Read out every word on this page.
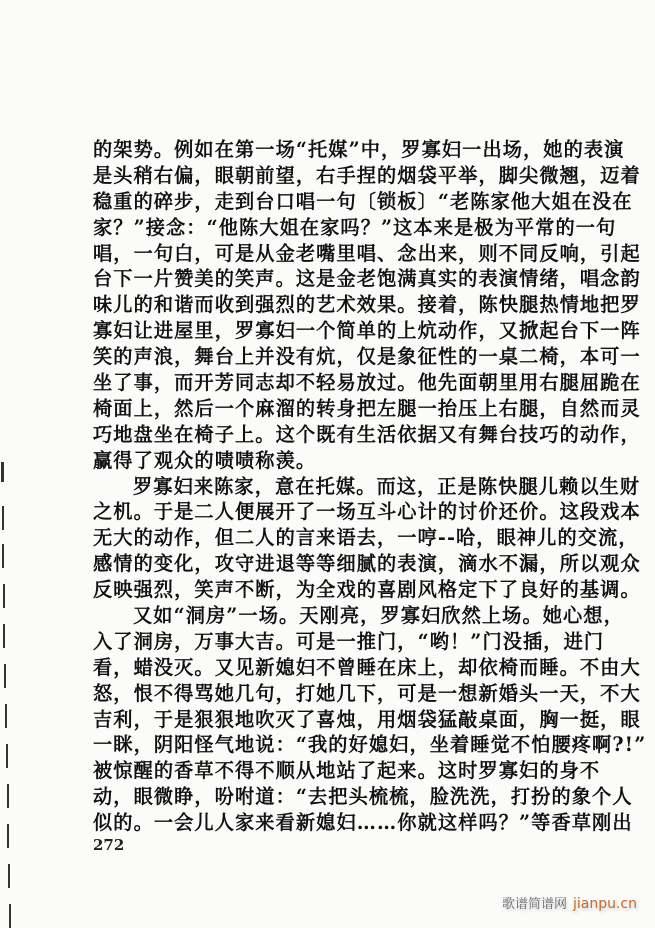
的架势。例如在第一场“托媒”中，罗寡妇一出场，她的表演
是头稍右偏，眼朝前望，右手捏的烟袋平举，脚尖微翘，迈着
稳重的碎步，走到台口唱一句〔锁板〕“老陈家他大姐在没在
家？”接念：“他陈大姐在家吗？”这本来是极为平常的一句
唱，一句白，可是从金老嘴里唱、念出来，则不同反响，引起
台下一片赞美的笑声。这是金老饱满真实的表演情绪，唱念韵
味儿的和谐而收到强烈的艺术效果。接着，陈快腿热情地把罗
寡妇让进屋里，罗寡妇一个简单的上炕动作，又掀起台下一阵
笑的声浪，舞台上并没有炕，仅是象征性的一桌二椅，本可一
坐了事，而开芳同志却不轻易放过。他先面朝里用右腿屈跪在
椅面上，然后一个麻溜的转身把左腿一抬压上右腿，自然而灵
巧地盘坐在椅子上。这个既有生活依据又有舞台技巧的动作，
赢得了观众的啧啧称羡。
罗寡妇来陈家，意在托媒。而这，正是陈快腿儿赖以生财
之机。于是二人便展开了一场互斗心计的讨价还价。这段戏本
无大的动作，但二人的言来语去，一哼--哈，眼神儿的交流，
感情的变化，攻守进退等等细腻的表演，滴水不漏，所以观众
反映强烈，笑声不断，为全戏的喜剧风格定下了良好的基调。
又如“洞房”一场。天刚亮，罗寡妇欣然上场。她心想，
入了洞房，万事大吉。可是一推门，“哟！”门没插，进门
看，蜡没灭。又见新媳妇不曾睡在床上，却依椅而睡。不由大
怒，恨不得骂她几句，打她几下，可是一想新婚头一天，不大
吉利，于是狠狠地吹灭了喜烛，用烟袋猛敲桌面，胸一挺，眼
一眯，阴阳怪气地说：“我的好媳妇，坐着睡觉不怕腰疼啊?!”
被惊醒的香草不得不顺从地站了起来。这时罗寡妇的身不
动，眼微睁，吩咐道：“去把头梳梳，脸洗洗，打扮的象个人
似的。一会儿人家来看新媳妇……你就这样吗？”等香草刚出
272
歌谱简谱网 jianpu.cn
